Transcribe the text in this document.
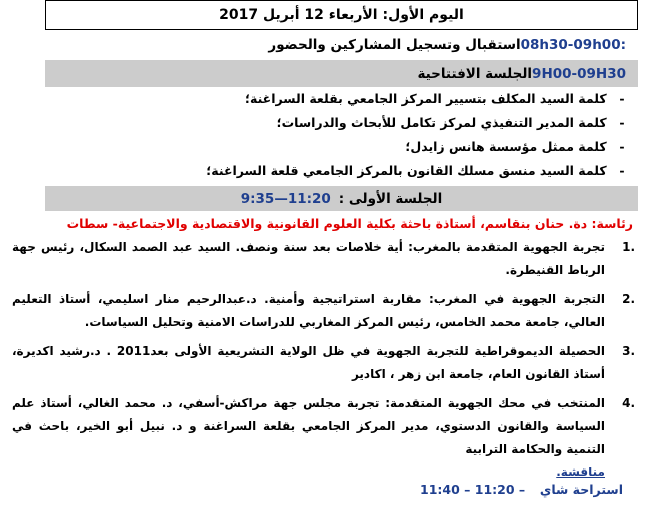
اليوم الأول: الأربعاء 12 أبريل 2017
08h30-09h00:
استقبال وتسجيل المشاركين والحضور
9H00-09H30
الجلسة الافتتاحية
- كلمة السيد المكلف بتسيير المركز الجامعي بقلعة السراغنة؛
- كلمة المدير التنفيذي لمركز تكامل للأبحاث والدراسات؛
- كلمة ممثل مؤسسة هانس زايدل؛
- كلمة السيد منسق مسلك القانون بالمركز الجامعي قلعة السراغنة؛
الجلسة الأولى :
9:35—11:20
رئاسة: دة. حنان بنقاسم، أستاذة باحثة بكلية العلوم القانونية والاقتصادية والاجتماعية- سطات
.1
تجربة الجهوية المتقدمة بالمغرب: أية خلاصات بعد سنة ونصف. السيد عبد الصمد السكال، رئيس جهة الرباط القنيطرة.
.2
التجربة الجهوية في المغرب: مقاربة استراتيجية وأمنية. د.عبدالرحيم منار اسليمي، أستاذ التعليم العالي، جامعة محمد الخامس، رئيس المركز المغاربي للدراسات الامنية وتحليل السياسات.
.3
الحصيلة الديموقراطية للتجربة الجهوية في ظل الولاية التشريعية الأولى بعد2011 . د.رشيد اكديرة، أستاذ القانون العام، جامعة ابن زهر ، اكادير
.4
المنتخب في محك الجهوية المتقدمة: تجربة مجلس جهة مراكش-أسفي، د. محمد الغالي، أستاذ علم السياسة والقانون الدستوي، مدير المركز الجامعي بقلعة السراغنة و د. نبيل أبو الخير، باحث في التنمية والحكامة الترابية
مناقشة.
استراحة شاي  11:40 – 11:20 –
